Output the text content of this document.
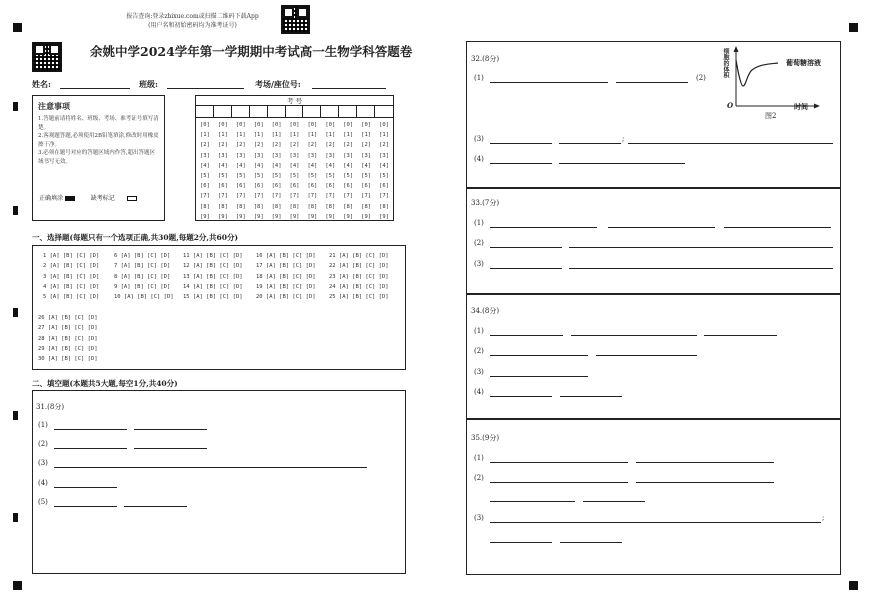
报告查询:登录zhixue.com或扫描二维码下载App
(用户名和初始密码均为准考证号)
余姚中学2024学年第一学期期中考试高一生物学科答题卷
姓名:	班级:	考场/座位号:
注意事项
1.答题前请将姓名、班级、考场、准考证号填写清楚。
2.客观题答题,必须使用2B铅笔填涂,修改时用橡皮擦干净。
3.必须在题号对应的答题区域内作答,超出答题区域书写无效。
正确填涂	缺考标记
考 号
[0]	[0]	[0]	[0]	[0]	[0]	[0]	[0]	[0]	[0]	[0]
[1]	[1]	[1]	[1]	[1]	[1]	[1]	[1]	[1]	[1]	[1]
[2]	[2]	[2]	[2]	[2]	[2]	[2]	[2]	[2]	[2]	[2]
[3]	[3]	[3]	[3]	[3]	[3]	[3]	[3]	[3]	[3]	[3]
[4]	[4]	[4]	[4]	[4]	[4]	[4]	[4]	[4]	[4]	[4]
[5]	[5]	[5]	[5]	[5]	[5]	[5]	[5]	[5]	[5]	[5]
[6]	[6]	[6]	[6]	[6]	[6]	[6]	[6]	[6]	[6]	[6]
[7]	[7]	[7]	[7]	[7]	[7]	[7]	[7]	[7]	[7]	[7]
[8]	[8]	[8]	[8]	[8]	[8]	[8]	[8]	[8]	[8]	[8]
[9]	[9]	[9]	[9]	[9]	[9]	[9]	[9]	[9]	[9]	[9]
一、选择题(每题只有一个选项正确,共30题,每题2分,共60分)
1 [A] [B] [C] [D]
2 [A] [B] [C] [D]
3 [A] [B] [C] [D]
4 [A] [B] [C] [D]
5 [A] [B] [C] [D]
6 [A] [B] [C] [D]
7 [A] [B] [C] [D]
8 [A] [B] [C] [D]
9 [A] [B] [C] [D]
10 [A] [B] [C] [D]
11 [A] [B] [C] [D]
12 [A] [B] [C] [D]
13 [A] [B] [C] [D]
14 [A] [B] [C] [D]
15 [A] [B] [C] [D]
16 [A] [B] [C] [D]
17 [A] [B] [C] [D]
18 [A] [B] [C] [D]
19 [A] [B] [C] [D]
20 [A] [B] [C] [D]
21 [A] [B] [C] [D]
22 [A] [B] [C] [D]
23 [A] [B] [C] [D]
24 [A] [B] [C] [D]
25 [A] [B] [C] [D]
26 [A] [B] [C] [D]
27 [A] [B] [C] [D]
28 [A] [B] [C] [D]
29 [A] [B] [C] [D]
30 [A] [B] [C] [D]
二、填空题(本题共5大题,每空1分,共40分)
31.(8分)
(1)
(2)
(3)
(4)
(5)
32.(8分)
(1)	(2)	细胞的体积	葡萄糖溶液
O	时间
图2
(3)	;
(4)
33.(7分)
(1)
(2)
(3)
34.(8分)
(1)
(2)
(3)
(4)
35.(9分)
(1)
(2)
(3)	;
